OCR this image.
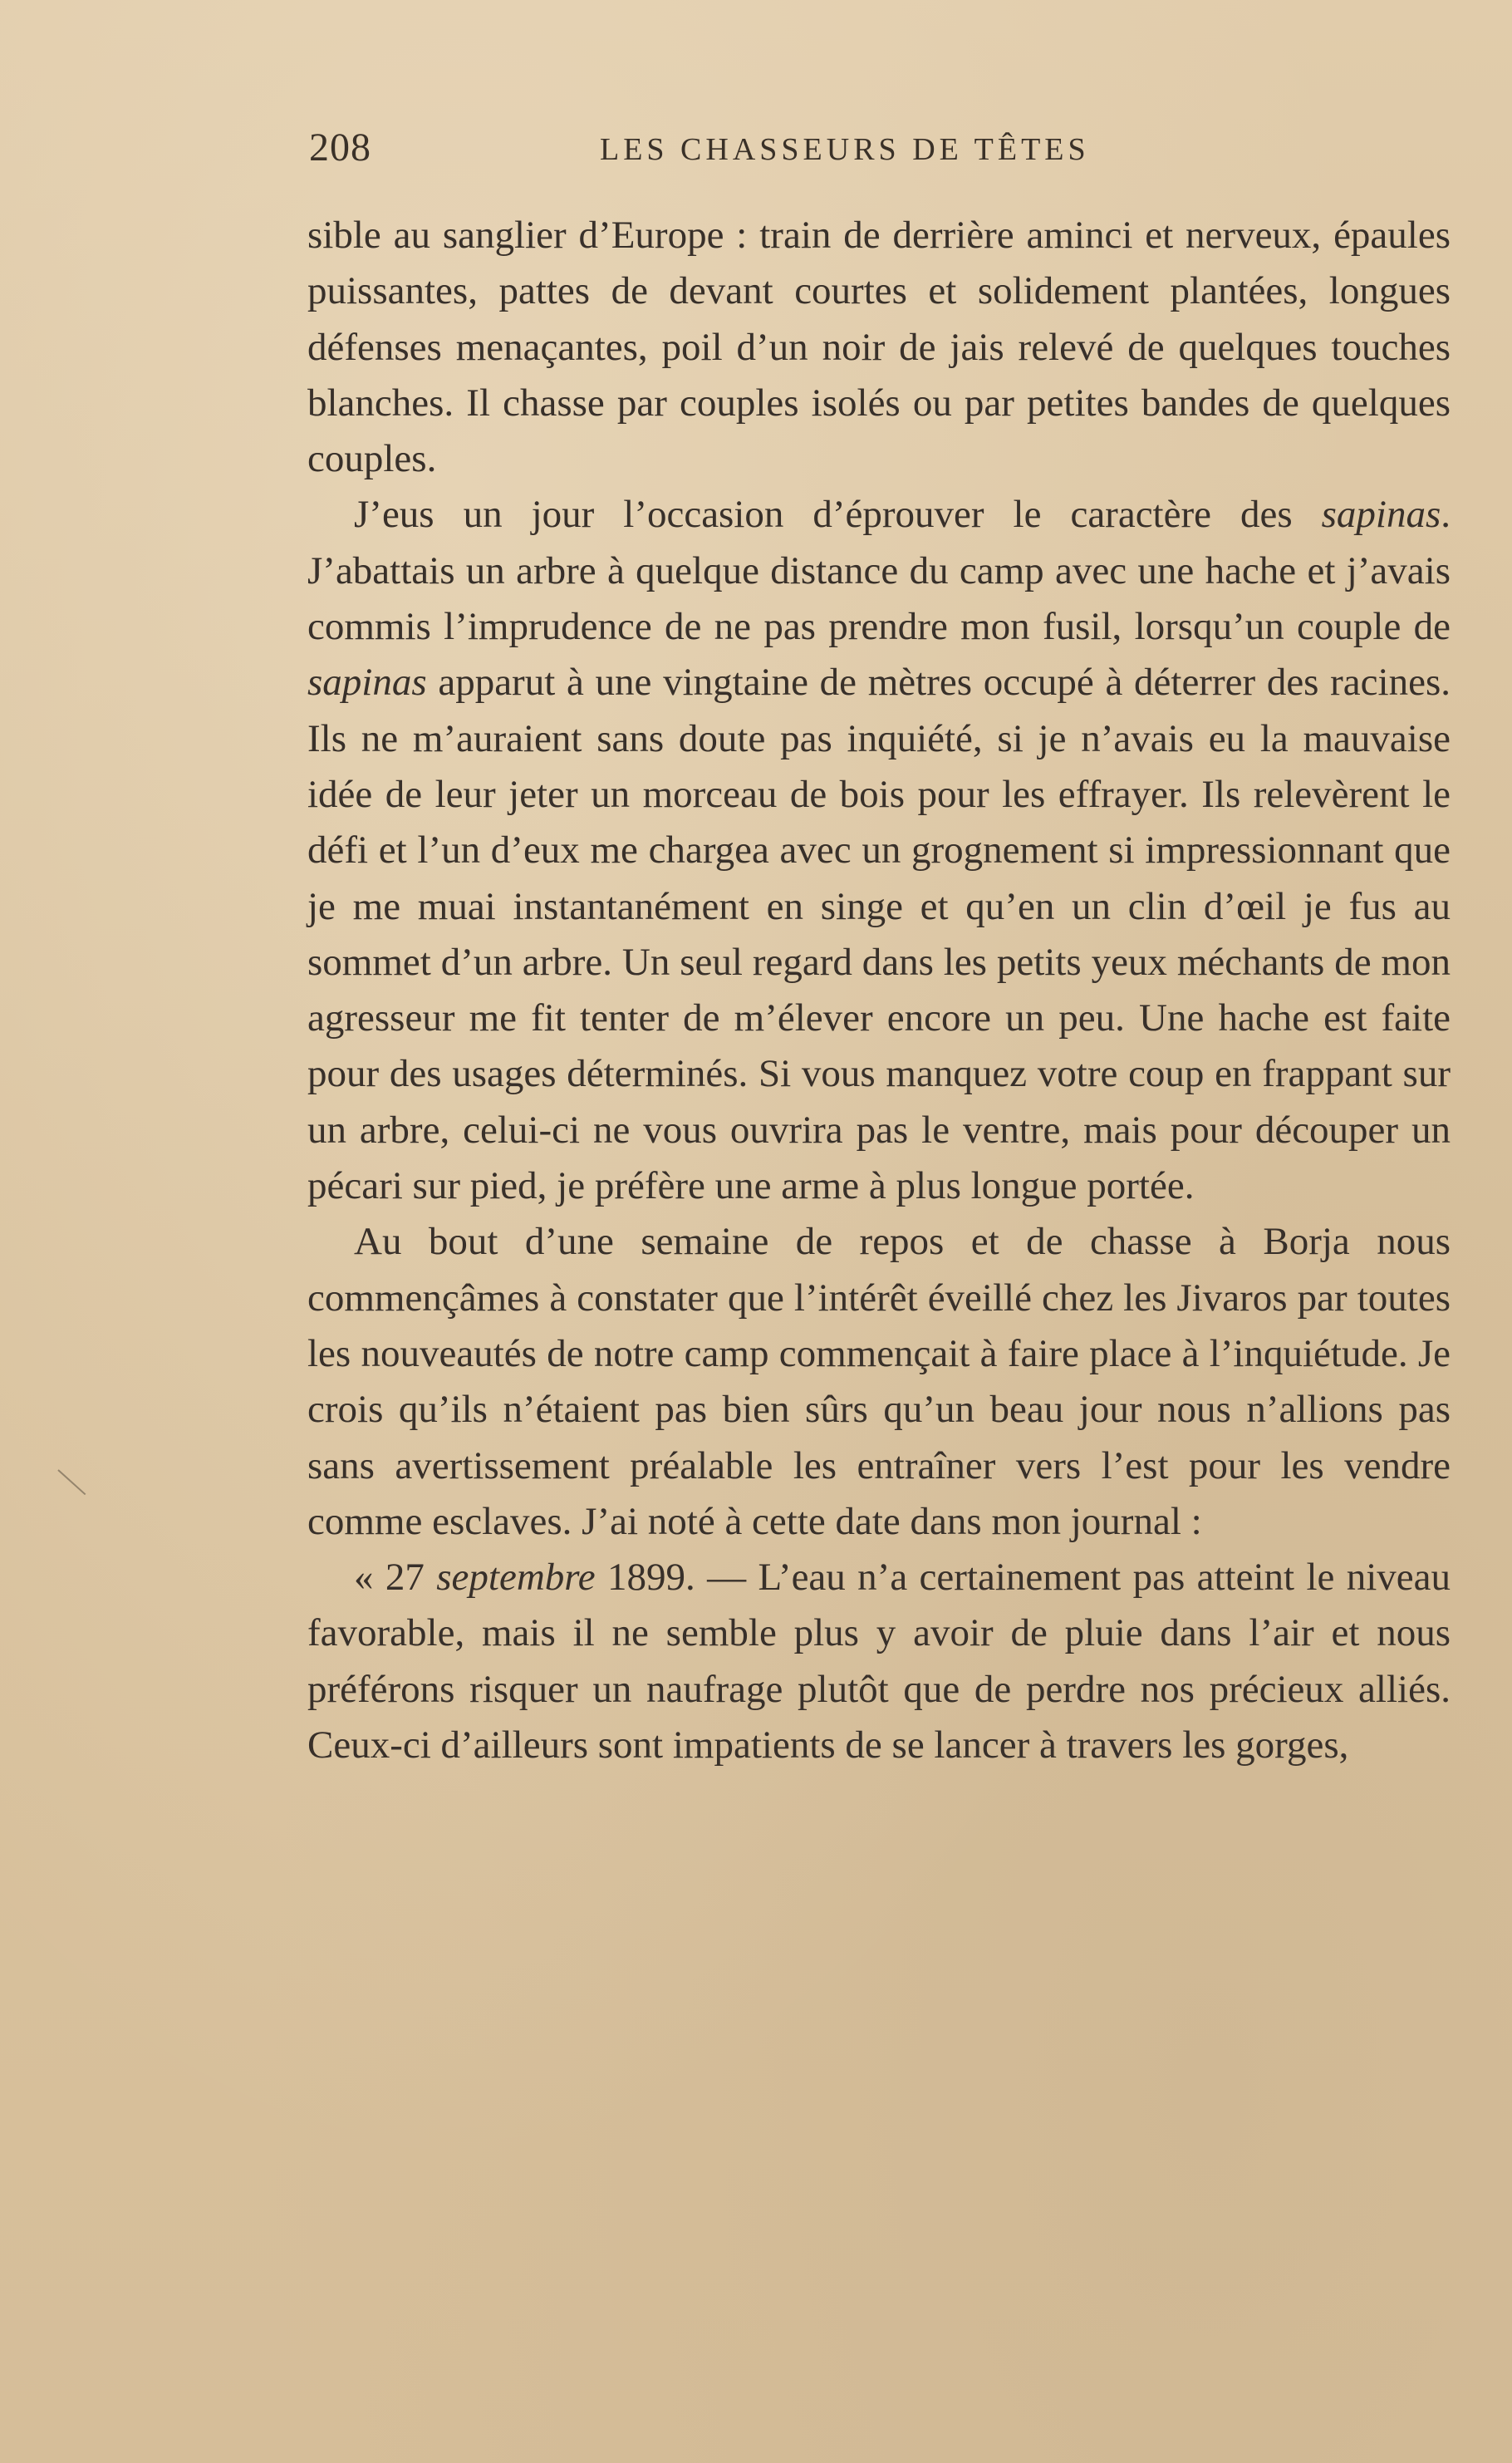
208	LES CHASSEURS DE TÊTES

sible au sanglier d’Europe : train de derrière aminci et nerveux, épaules puissantes, pattes de devant courtes et solidement plantées, longues défenses menaçantes, poil d’un noir de jais relevé de quelques touches blanches. Il chasse par couples isolés ou par petites bandes de quelques couples.

J’eus un jour l’occasion d’éprouver le caractère des sapinas. J’abattais un arbre à quelque distance du camp avec une hache et j’avais commis l’imprudence de ne pas prendre mon fusil, lorsqu’un couple de sapinas apparut à une vingtaine de mètres occupé à déterrer des racines. Ils ne m’auraient sans doute pas inquiété, si je n’avais eu la mauvaise idée de leur jeter un morceau de bois pour les effrayer. Ils relevèrent le défi et l’un d’eux me chargea avec un grognement si impressionnant que je me muai instantanément en singe et qu’en un clin d’œil je fus au sommet d’un arbre. Un seul regard dans les petits yeux méchants de mon agresseur me fit tenter de m’élever encore un peu. Une hache est faite pour des usages déterminés. Si vous manquez votre coup en frappant sur un arbre, celui-ci ne vous ouvrira pas le ventre, mais pour découper un pécari sur pied, je préfère une arme à plus longue portée.

Au bout d’une semaine de repos et de chasse à Borja nous commençâmes à constater que l’intérêt éveillé chez les Jivaros par toutes les nouveautés de notre camp commençait à faire place à l’inquiétude. Je crois qu’ils n’étaient pas bien sûrs qu’un beau jour nous n’allions pas sans avertissement préalable les entraîner vers l’est pour les vendre comme esclaves. J’ai noté à cette date dans mon journal :

« 27 septembre 1899. — L’eau n’a certainement pas atteint le niveau favorable, mais il ne semble plus y avoir de pluie dans l’air et nous préférons risquer un naufrage plutôt que de perdre nos précieux alliés. Ceux-ci d’ailleurs sont impatients de se lancer à travers les gorges,
